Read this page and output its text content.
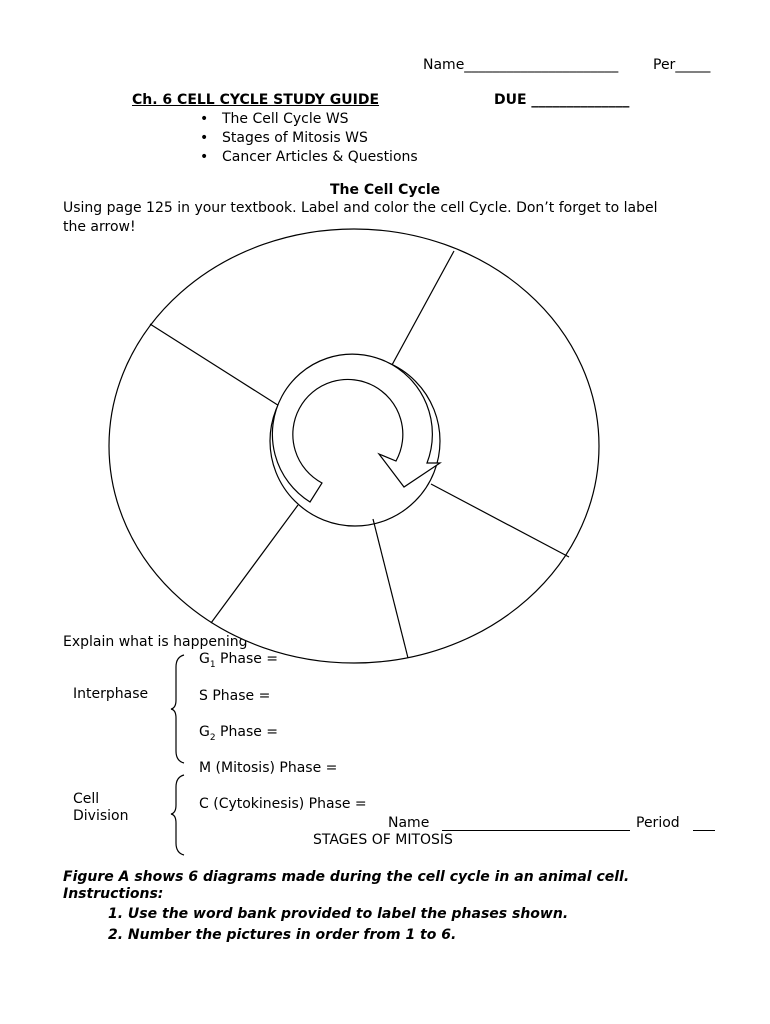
Name______________________ Per_____
Ch. 6 CELL CYCLE STUDY GUIDE	DUE ______________
• The Cell Cycle WS
• Stages of Mitosis WS
• Cancer Articles & Questions
The Cell Cycle
Using page 125 in your textbook. Label and color the cell Cycle. Don’t forget to label
the arrow!
Explain what is happening
$G_1$ Phase =
Interphase	S Phase =
$G_2$ Phase =
M (Mitosis) Phase =
Cell
Division
C (Cytokinesis) Phase =
Name	Period
STAGES OF MITOSIS
Figure A shows 6 diagrams made during the cell cycle in an animal cell.
Instructions:
1. Use the word bank provided to label the phases shown.
2. Number the pictures in order from 1 to 6.
